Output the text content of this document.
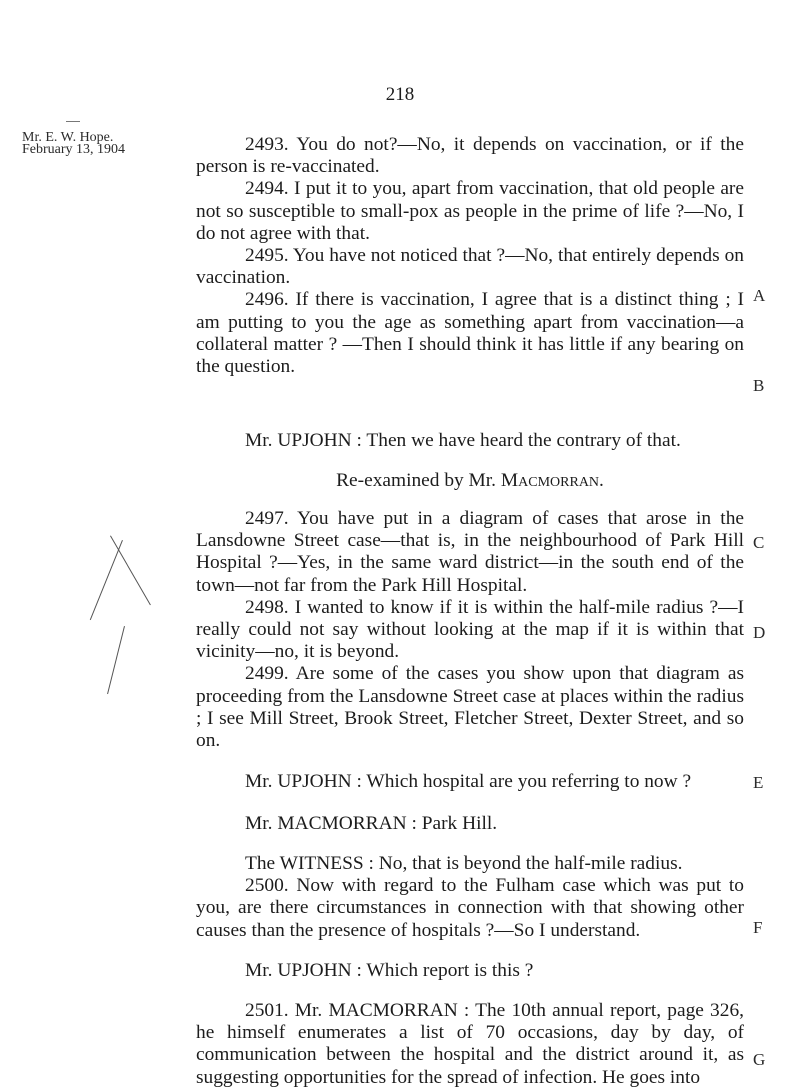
218
February 13, 1904
Mr. E. W. Hope.	2493. You do not?—No, it depends on vaccination, or if the person is re-vaccinated.

2494. I put it to you, apart from vaccination, that old people are not so susceptible to small-pox as people in the prime of life ?—No, I do not agree with that.

2495. You have not noticed that ?—No, that entirely depends on vaccination.

2496. If there is vaccination, I agree that is a distinct thing ; I am putting to you the age as something apart from vaccination—a collateral matter ? —Then I should think it has little if any bearing on the question.

Mr. UPJOHN : Then we have heard the contrary of that.

Re-examined by Mr. Macmorran.

2497. You have put in a diagram of cases that arose in the Lansdowne Street case—that is, in the neighbourhood of Park Hill Hospital ?—Yes, in the same ward district—in the south end of the town—not far from the Park Hill Hospital.

2498. I wanted to know if it is within the half-mile radius ?—I really could not say without looking at the map if it is within that vicinity—no, it is beyond.

2499. Are some of the cases you show upon that diagram as proceeding from the Lansdowne Street case at places within the radius ; I see Mill Street, Brook Street, Fletcher Street, Dexter Street, and so on.

Mr. UPJOHN : Which hospital are you referring to now ?

Mr. MACMORRAN : Park Hill.

The WITNESS : No, that is beyond the half-mile radius.

2500. Now with regard to the Fulham case which was put to you, are there circumstances in connection with that showing other causes than the presence of hospitals ?—So I understand.

Mr. UPJOHN : Which report is this ?

2501. Mr. MACMORRAN : The 10th annual report, page 326, he himself enumerates a list of 70 occasions, day by day, of communication between the hospital and the district around it, as suggesting opportunities for the spread of infection. He goes into

A
B
C
D
E
F
G
